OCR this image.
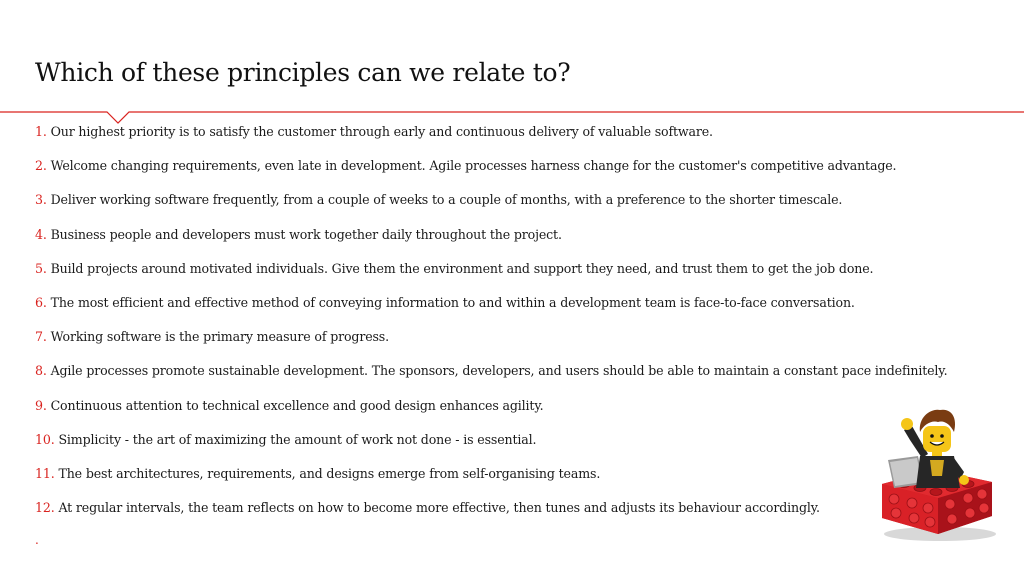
Which of these principles can we relate to?
1. Our highest priority is to satisfy the customer through early and continuous delivery of valuable software.
2. Welcome changing requirements, even late in development. Agile processes harness change for the customer's competitive advantage.
3. Deliver working software frequently, from a couple of weeks to a couple of months, with a preference to the shorter timescale.
4. Business people and developers must work together daily throughout the project.
5. Build projects around motivated individuals. Give them the environment and support they need, and trust them to get the job done.
6. The most efficient and effective method of conveying information to and within a development team is face-to-face conversation.
7. Working software is the primary measure of progress.
8. Agile processes promote sustainable development. The sponsors, developers, and users should be able to maintain a constant pace indefinitely.
9. Continuous attention to technical excellence and good design enhances agility.
10. Simplicity - the art of maximizing the amount of work not done - is essential.
11. The best architectures, requirements, and designs emerge from self-organising teams.
12. At regular intervals, the team reflects on how to become more effective, then tunes and adjusts its behaviour accordingly.
.
